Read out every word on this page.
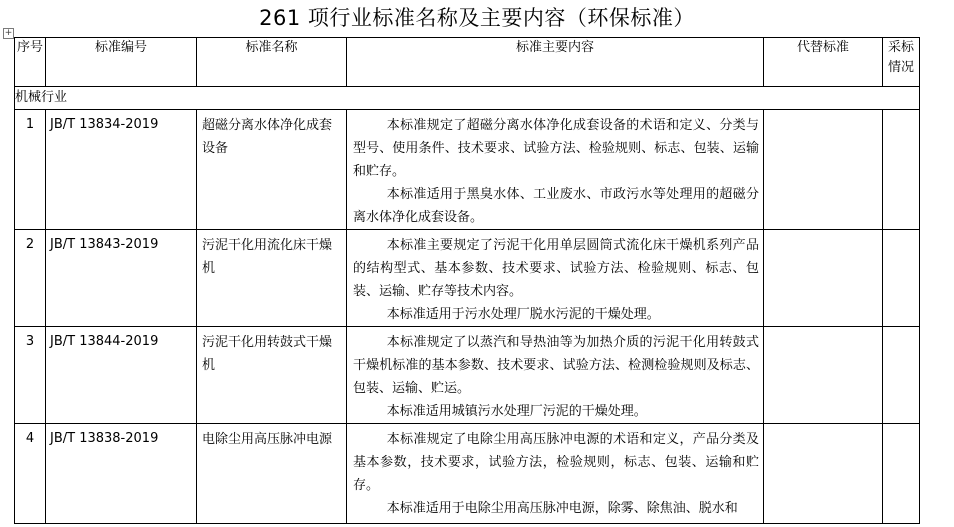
261 项行业标准名称及主要内容（环保标准）
+
序号	标准编号	标准名称	标准主要内容	代替标准	采标情况
机械行业					
1	JB/T 13834-2019	超磁分离水体净化成套设备	本标准规定了超磁分离水体净化成套设备的术语和定义、分类与型号、使用条件、技术要求、试验方法、检验规则、标志、包装、运输和贮存。

本标准适用于黑臭水体、工业废水、市政污水等处理用的超磁分离水体净化成套设备。		

2	JB/T 13843-2019	污泥干化用流化床干燥机	本标准主要规定了污泥干化用单层圆筒式流化床干燥机系列产品的结构型式、基本参数、技术要求、试验方法、检验规则、标志、包装、运输、贮存等技术内容。

本标准适用于污水处理厂脱水污泥的干燥处理。		

3	JB/T 13844-2019	污泥干化用转鼓式干燥机	本标准规定了以蒸汽和导热油等为加热介质的污泥干化用转鼓式干燥机标准的基本参数、技术要求、试验方法、检测检验规则及标志、包装、运输、贮运。

本标准适用城镇污水处理厂污泥的干燥处理。		

4	JB/T 13838-2019	电除尘用高压脉冲电源	本标准规定了电除尘用高压脉冲电源的术语和定义，产品分类及基本参数，技术要求，试验方法，检验规则，标志、包装、运输和贮存。

本标准适用于电除尘用高压脉冲电源，除雾、除焦油、脱水和		
